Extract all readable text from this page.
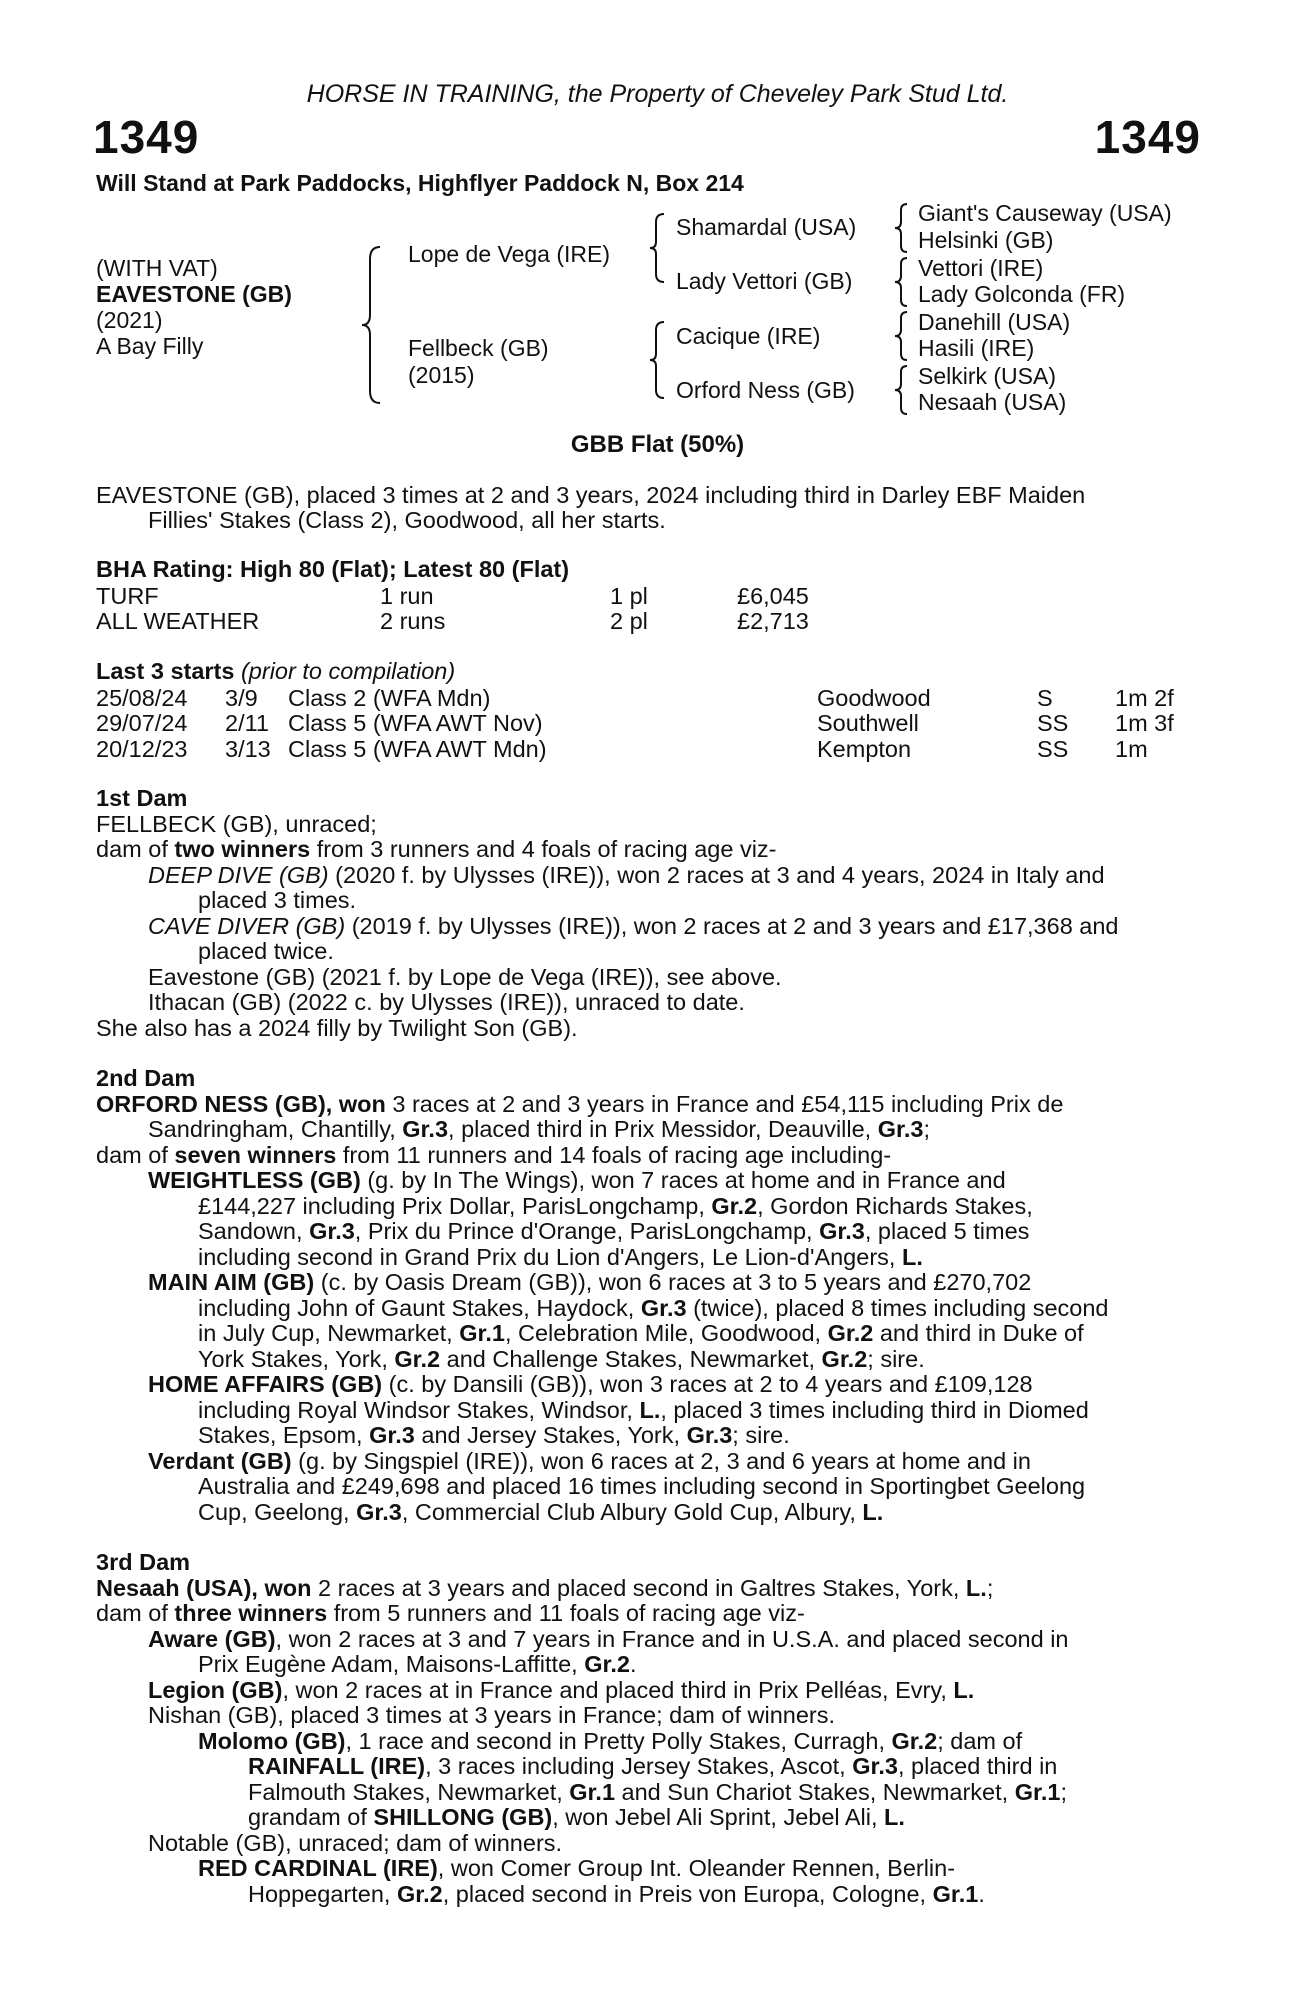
HORSE IN TRAINING, the Property of Cheveley Park Stud Ltd.
1349	1349
Will Stand at Park Paddocks, Highflyer Paddock N, Box 214
(WITH VAT)
EAVESTONE (GB)
(2021)
A Bay Filly
Lope de Vega (IRE)
Fellbeck (GB)
(2015)
Shamardal (USA)
Lady Vettori (GB)
Cacique (IRE)
Orford Ness (GB)
Giant's Causeway (USA)
Helsinki (GB)
Vettori (IRE)
Lady Golconda (FR)
Danehill (USA)
Hasili (IRE)
Selkirk (USA)
Nesaah (USA)
GBB Flat (50%)
EAVESTONE (GB), placed 3 times at 2 and 3 years, 2024 including third in Darley EBF Maiden
Fillies' Stakes (Class 2), Goodwood, all her starts.
BHA Rating: High 80 (Flat); Latest 80 (Flat)
TURF	1 run	1 pl	£6,045
ALL WEATHER	2 runs	2 pl	£2,713
Last 3 starts (prior to compilation)
25/08/24 3/9 Class 2 (WFA Mdn)	Goodwood	S	1m 2f
29/07/24 2/11 Class 5 (WFA AWT Nov)	Southwell	SS 1m 3f
20/12/23 3/13 Class 5 (WFA AWT Mdn)	Kempton	SS 1m
1st Dam
FELLBECK (GB), unraced;
dam of two winners from 3 runners and 4 foals of racing age viz-
DEEP DIVE (GB) (2020 f. by Ulysses (IRE)), won 2 races at 3 and 4 years, 2024 in Italy and
placed 3 times.
CAVE DIVER (GB) (2019 f. by Ulysses (IRE)), won 2 races at 2 and 3 years and £17,368 and
placed twice.
Eavestone (GB) (2021 f. by Lope de Vega (IRE)), see above.
Ithacan (GB) (2022 c. by Ulysses (IRE)), unraced to date.
She also has a 2024 filly by Twilight Son (GB).
2nd Dam
ORFORD NESS (GB), won 3 races at 2 and 3 years in France and £54,115 including Prix de
Sandringham, Chantilly, Gr.3, placed third in Prix Messidor, Deauville, Gr.3;
dam of seven winners from 11 runners and 14 foals of racing age including-
WEIGHTLESS (GB) (g. by In The Wings), won 7 races at home and in France and
£144,227 including Prix Dollar, ParisLongchamp, Gr.2, Gordon Richards Stakes,
Sandown, Gr.3, Prix du Prince d'Orange, ParisLongchamp, Gr.3, placed 5 times
including second in Grand Prix du Lion d'Angers, Le Lion-d'Angers, L.
MAIN AIM (GB) (c. by Oasis Dream (GB)), won 6 races at 3 to 5 years and £270,702
including John of Gaunt Stakes, Haydock, Gr.3 (twice), placed 8 times including second
in July Cup, Newmarket, Gr.1, Celebration Mile, Goodwood, Gr.2 and third in Duke of
York Stakes, York, Gr.2 and Challenge Stakes, Newmarket, Gr.2; sire.
HOME AFFAIRS (GB) (c. by Dansili (GB)), won 3 races at 2 to 4 years and £109,128
including Royal Windsor Stakes, Windsor, L., placed 3 times including third in Diomed
Stakes, Epsom, Gr.3 and Jersey Stakes, York, Gr.3; sire.
Verdant (GB) (g. by Singspiel (IRE)), won 6 races at 2, 3 and 6 years at home and in
Australia and £249,698 and placed 16 times including second in Sportingbet Geelong
Cup, Geelong, Gr.3, Commercial Club Albury Gold Cup, Albury, L.
3rd Dam
Nesaah (USA), won 2 races at 3 years and placed second in Galtres Stakes, York, L.;
dam of three winners from 5 runners and 11 foals of racing age viz-
Aware (GB), won 2 races at 3 and 7 years in France and in U.S.A. and placed second in
Prix Eugène Adam, Maisons-Laffitte, Gr.2.
Legion (GB), won 2 races at in France and placed third in Prix Pelléas, Evry, L.
Nishan (GB), placed 3 times at 3 years in France; dam of winners.
Molomo (GB), 1 race and second in Pretty Polly Stakes, Curragh, Gr.2; dam of
RAINFALL (IRE), 3 races including Jersey Stakes, Ascot, Gr.3, placed third in
Falmouth Stakes, Newmarket, Gr.1 and Sun Chariot Stakes, Newmarket, Gr.1;
grandam of SHILLONG (GB), won Jebel Ali Sprint, Jebel Ali, L.
Notable (GB), unraced; dam of winners.
RED CARDINAL (IRE), won Comer Group Int. Oleander Rennen, Berlin-
Hoppegarten, Gr.2, placed second in Preis von Europa, Cologne, Gr.1.
